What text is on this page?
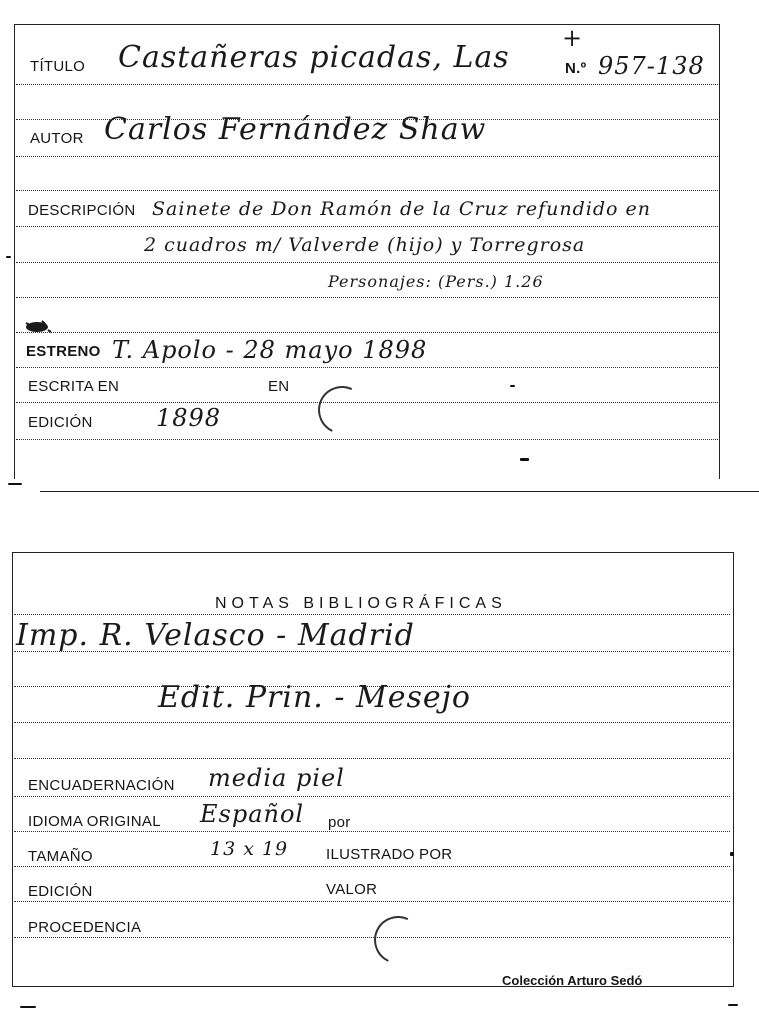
TÍTULO Castañeras picadas, Las
+
N.º 957-138
AUTOR Carlos Fernández Shaw
DESCRIPCIÓN Sainete de Don Ramón de la Cruz refundido en
2 cuadros m/ Valverde (hijo) y Torregrosa
Personajes: (Pers.) 1.26
ESTRENO T. Apolo - 28 mayo 1898
ESCRITA EN	EN
EDICIÓN	1898
NOTAS BIBLIOGRÁFICAS
Imp. R. Velasco - Madrid
Edit. Prin. - Mesejo
ENCUADERNACIÓN media piel
IDIOMA ORIGINAL Español por
TAMAÑO	13 x 19	ILUSTRADO POR
EDICIÓN	VALOR
PROCEDENCIA
Colección Arturo Sedó
